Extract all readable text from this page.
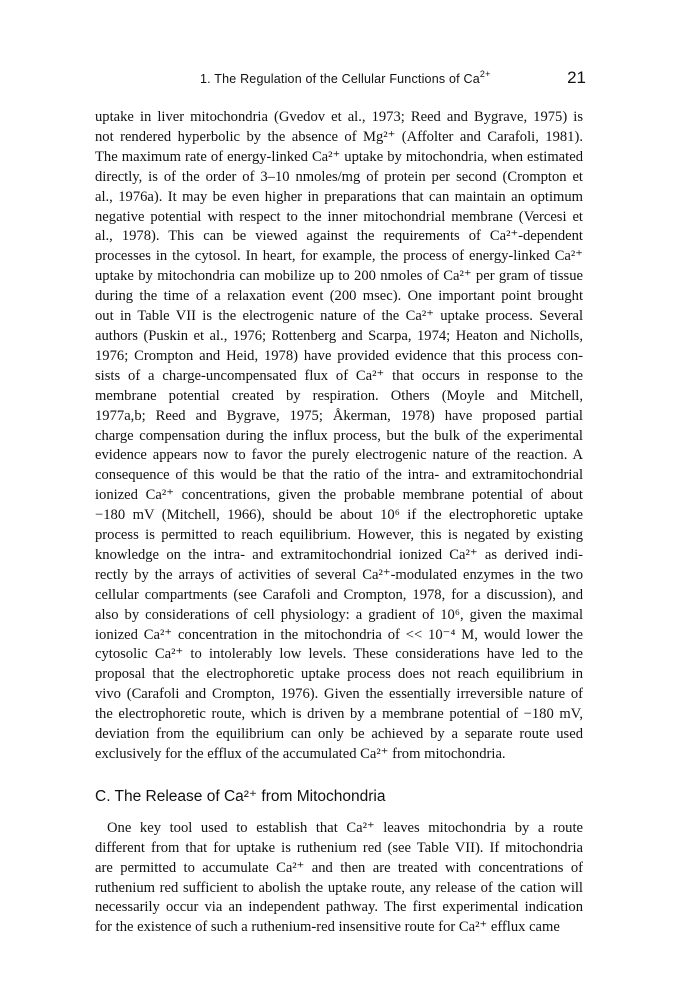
1. The Regulation of the Cellular Functions of $Ca^{2+}$	21

uptake in liver mitochondria (Gvedov et al., 1973; Reed and Bygrave, 1975) is
not rendered hyperbolic by the absence of Mg²⁺ (Affolter and Carafoli, 1981).
The maximum rate of energy-linked Ca²⁺ uptake by mitochondria, when estimated
directly, is of the order of 3–10 nmoles/mg of protein per second (Crompton et
al., 1976a). It may be even higher in preparations that can maintain an optimum
negative potential with respect to the inner mitochondrial membrane (Vercesi et
al., 1978). This can be viewed against the requirements of Ca²⁺-dependent
processes in the cytosol. In heart, for example, the process of energy-linked Ca²⁺
uptake by mitochondria can mobilize up to 200 nmoles of Ca²⁺ per gram of tissue
during the time of a relaxation event (200 msec). One important point brought
out in Table VII is the electrogenic nature of the Ca²⁺ uptake process. Several
authors (Puskin et al., 1976; Rottenberg and Scarpa, 1974; Heaton and Nicholls,
1976; Crompton and Heid, 1978) have provided evidence that this process con-
sists of a charge-uncompensated flux of Ca²⁺ that occurs in response to the
membrane potential created by respiration. Others (Moyle and Mitchell,
1977a,b; Reed and Bygrave, 1975; Åkerman, 1978) have proposed partial
charge compensation during the influx process, but the bulk of the experimental
evidence appears now to favor the purely electrogenic nature of the reaction. A
consequence of this would be that the ratio of the intra- and extramitochondrial
ionized Ca²⁺ concentrations, given the probable membrane potential of about
−180 mV (Mitchell, 1966), should be about 10⁶ if the electrophoretic uptake
process is permitted to reach equilibrium. However, this is negated by existing
knowledge on the intra- and extramitochondrial ionized Ca²⁺ as derived indi-
rectly by the arrays of activities of several Ca²⁺-modulated enzymes in the two
cellular compartments (see Carafoli and Crompton, 1978, for a discussion), and
also by considerations of cell physiology: a gradient of 10⁶, given the maximal
ionized Ca²⁺ concentration in the mitochondria of << 10⁻⁴ M, would lower the
cytosolic Ca²⁺ to intolerably low levels. These considerations have led to the
proposal that the electrophoretic uptake process does not reach equilibrium in
vivo (Carafoli and Crompton, 1976). Given the essentially irreversible nature of
the electrophoretic route, which is driven by a membrane potential of −180 mV,
deviation from the equilibrium can only be achieved by a separate route used
exclusively for the efflux of the accumulated Ca²⁺ from mitochondria.

C. The Release of Ca²⁺ from Mitochondria

One key tool used to establish that Ca²⁺ leaves mitochondria by a route
different from that for uptake is ruthenium red (see Table VII). If mitochondria
are permitted to accumulate Ca²⁺ and then are treated with concentrations of
ruthenium red sufficient to abolish the uptake route, any release of the cation will
necessarily occur via an independent pathway. The first experimental indication
for the existence of such a ruthenium-red insensitive route for Ca²⁺ efflux came
